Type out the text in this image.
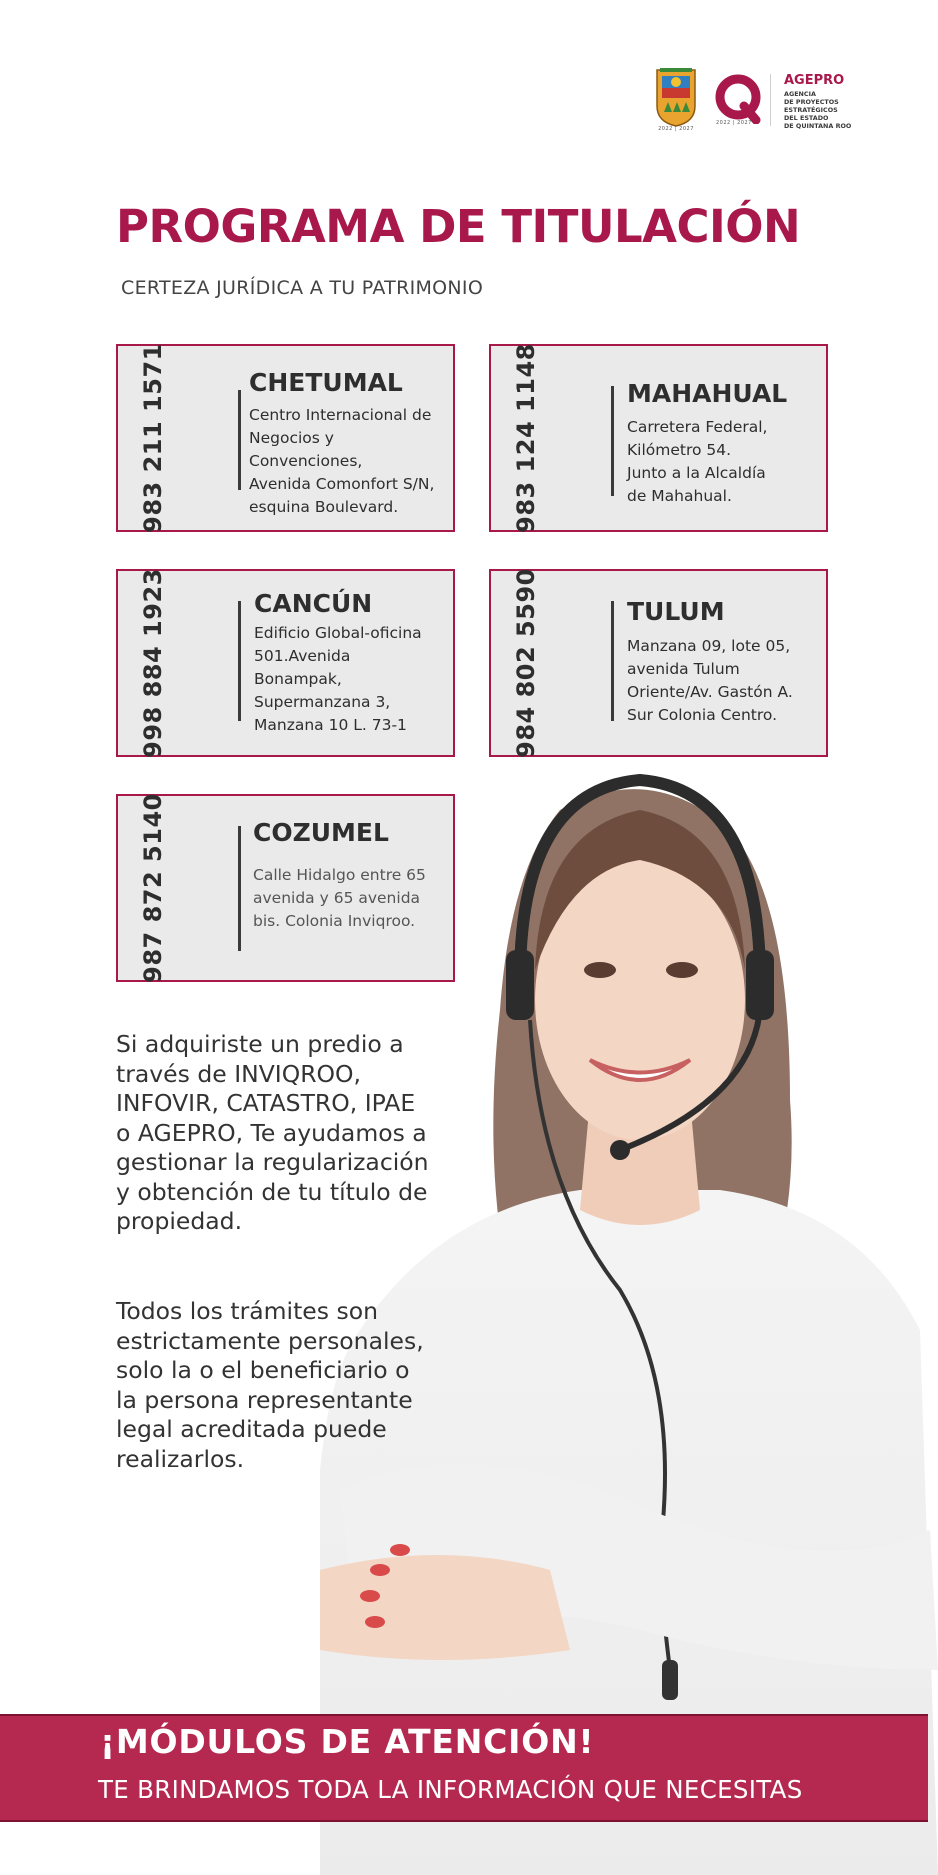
2022 | 2027
2022 | 2027
AGEPRO
AGENCIA
DE PROYECTOS
ESTRATÉGICOS
DEL ESTADO
DE QUINTANA ROO
PROGRAMA DE TITULACIÓN
CERTEZA JURÍDICA A TU PATRIMONIO
983 211 1571	CHETUMAL
Centro Internacional de
Negocios y
Convenciones,
Avenida Comonfort S/N,
esquina Boulevard.	983 124 1148	MAHAHUAL
Carretera Federal,
Kilómetro 54.
Junto a la Alcaldía
de Mahahual.
998 884 1923	CANCÚN
Edificio Global-oficina
501.Avenida
Bonampak,
Supermanzana 3,
Manzana 10 L. 73-1	984 802 5590	TULUM
Manzana 09, lote 05,
avenida Tulum
Oriente/Av. Gastón A.
Sur Colonia Centro.
987 872 5140	COZUMEL
Calle Hidalgo entre 65
avenida y 65 avenida
bis. Colonia Inviqroo.
Si adquiriste un predio a través de INVIQROO, INFOVIR, CATASTRO, IPAE o AGEPRO, Te ayudamos a gestionar la regularización y obtención de tu título de propiedad.
Todos los trámites son estrictamente personales, solo la o el beneficiario o la persona representante legal acreditada puede realizarlos.
¡MÓDULOS DE ATENCIÓN!
TE BRINDAMOS TODA LA INFORMACIÓN QUE NECESITAS
